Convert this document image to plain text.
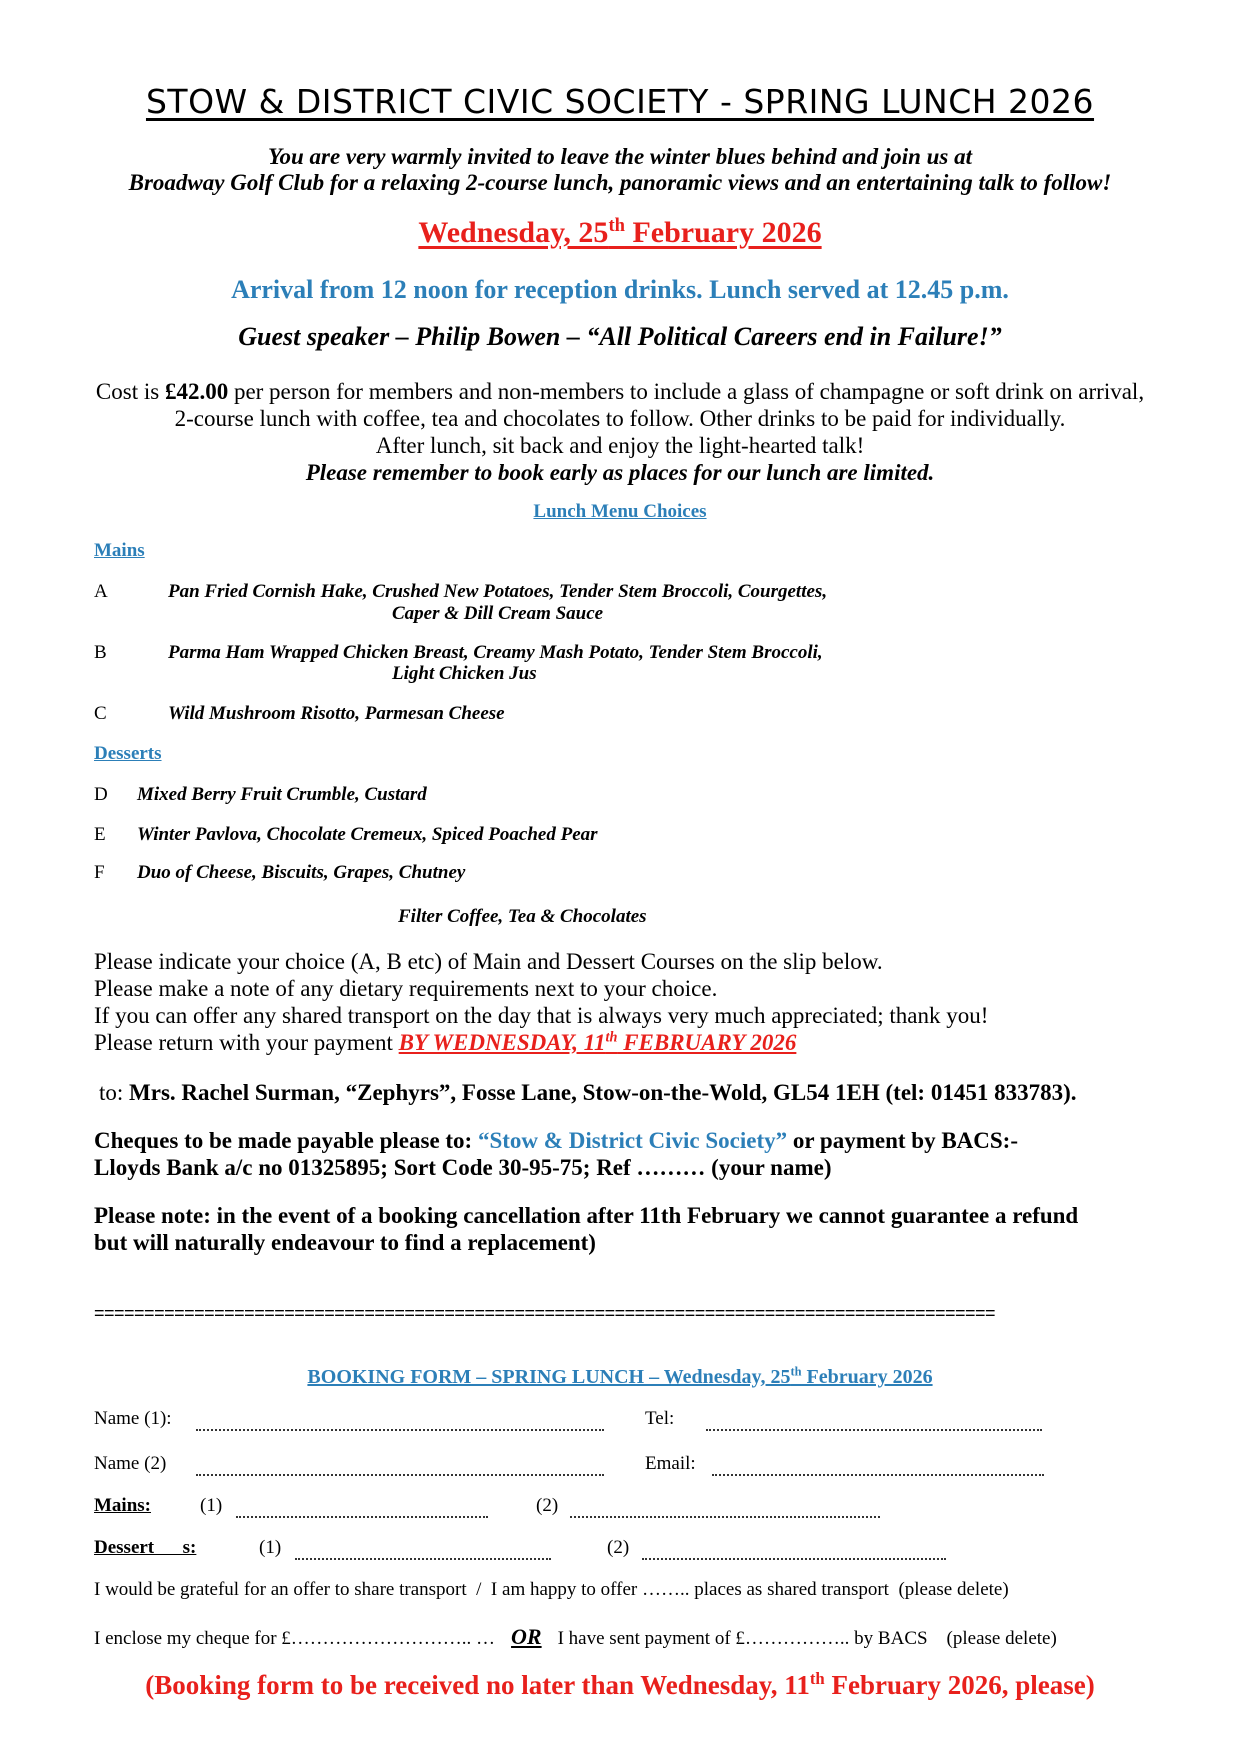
STOW & DISTRICT CIVIC SOCIETY - SPRING LUNCH 2026
You are very warmly invited to leave the winter blues behind and join us at
Broadway Golf Club for a relaxing 2-course lunch, panoramic views and an entertaining talk to follow!
Wednesday, 25th February 2026
Arrival from 12 noon for reception drinks. Lunch served at 12.45 p.m.
Guest speaker – Philip Bowen – “All Political Careers end in Failure!”
Cost is £42.00 per person for members and non-members to include a glass of champagne or soft drink on arrival,
2-course lunch with coffee, tea and chocolates to follow. Other drinks to be paid for individually.
After lunch, sit back and enjoy the light-hearted talk!
Please remember to book early as places for our lunch are limited.
Lunch Menu Choices
Mains
A	Pan Fried Cornish Hake, Crushed New Potatoes, Tender Stem Broccoli, Courgettes,
Caper & Dill Cream Sauce
B	Parma Ham Wrapped Chicken Breast, Creamy Mash Potato, Tender Stem Broccoli,
Light Chicken Jus
C	Wild Mushroom Risotto, Parmesan Cheese
Desserts
D Mixed Berry Fruit Crumble, Custard
E Winter Pavlova, Chocolate Cremeux, Spiced Poached Pear
F Duo of Cheese, Biscuits, Grapes, Chutney
Filter Coffee, Tea & Chocolates
Please indicate your choice (A, B etc) of Main and Dessert Courses on the slip below.
Please make a note of any dietary requirements next to your choice.
If you can offer any shared transport on the day that is always very much appreciated; thank you!
Please return with your payment BY WEDNESDAY, 11th FEBRUARY 2026
to: Mrs. Rachel Surman, “Zephyrs”, Fosse Lane, Stow-on-the-Wold, GL54 1EH (tel: 01451 833783).
Cheques to be made payable please to: “Stow & District Civic Society” or payment by BACS:-
Lloyds Bank a/c no 01325895; Sort Code 30-95-75; Ref ……… (your name)
Please note: in the event of a booking cancellation after 11th February we cannot guarantee a refund
but will naturally endeavour to find a replacement)
==========================================================================================
BOOKING FORM – SPRING LUNCH – Wednesday, 25th February 2026
Name (1):	Tel:
Name (2)	Email:
Mains:	(1)	(2)
Dessert      s:	(1)	(2)
I would be grateful for an offer to share transport  /  I am happy to offer …….. places as shared transport  (please delete)
I enclose my cheque for £……………………….. … OR I have sent payment of £…………….. by BACS    (please delete)
(Booking form to be received no later than Wednesday, 11th February 2026, please)
